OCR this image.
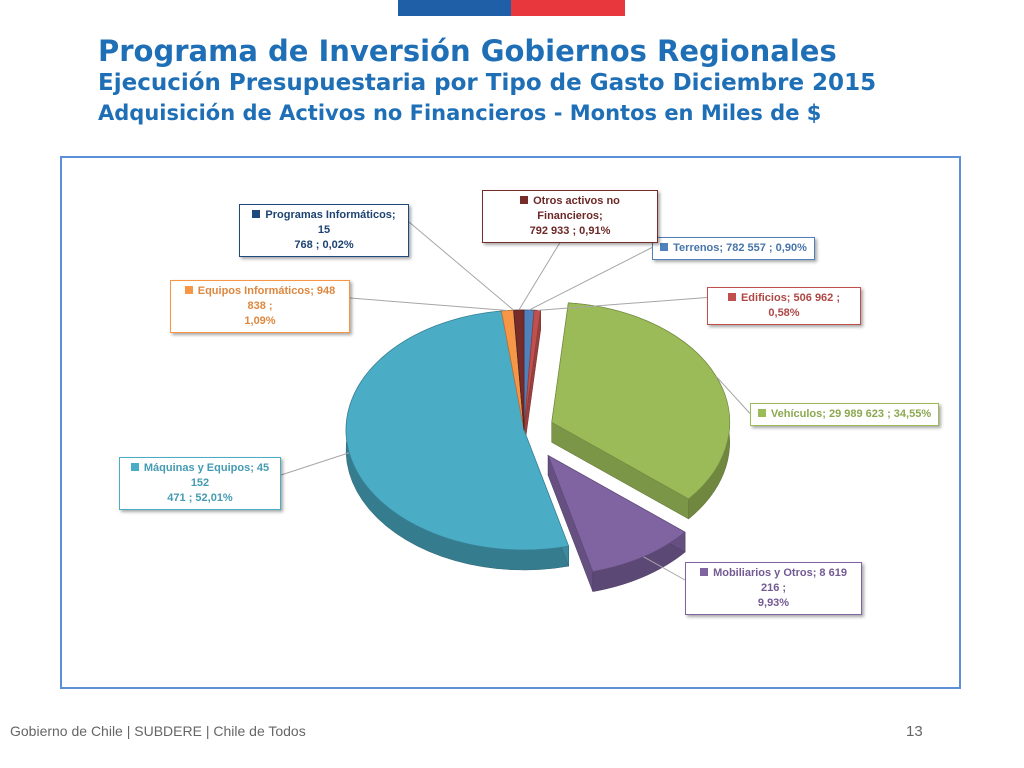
Programa de Inversión Gobiernos Regionales
Ejecución Presupuestaria por Tipo de Gasto Diciembre 2015
Adquisición de Activos no Financieros - Montos en Miles de $
Terrenos; 782 557 ; 0,90%
Edificios; 506 962 ; 0,58%
Vehículos; 29 989 623 ; 34,55%
Mobiliarios y Otros; 8 619 216 ;
9,93%
Máquinas y Equipos; 45 152
471 ; 52,01%
Equipos Informáticos; 948 838 ;
1,09%
Programas Informáticos; 15
768 ; 0,02%
Otros activos no Financieros;
792 933 ; 0,91%
Gobierno de Chile | SUBDERE | Chile de Todos	13
